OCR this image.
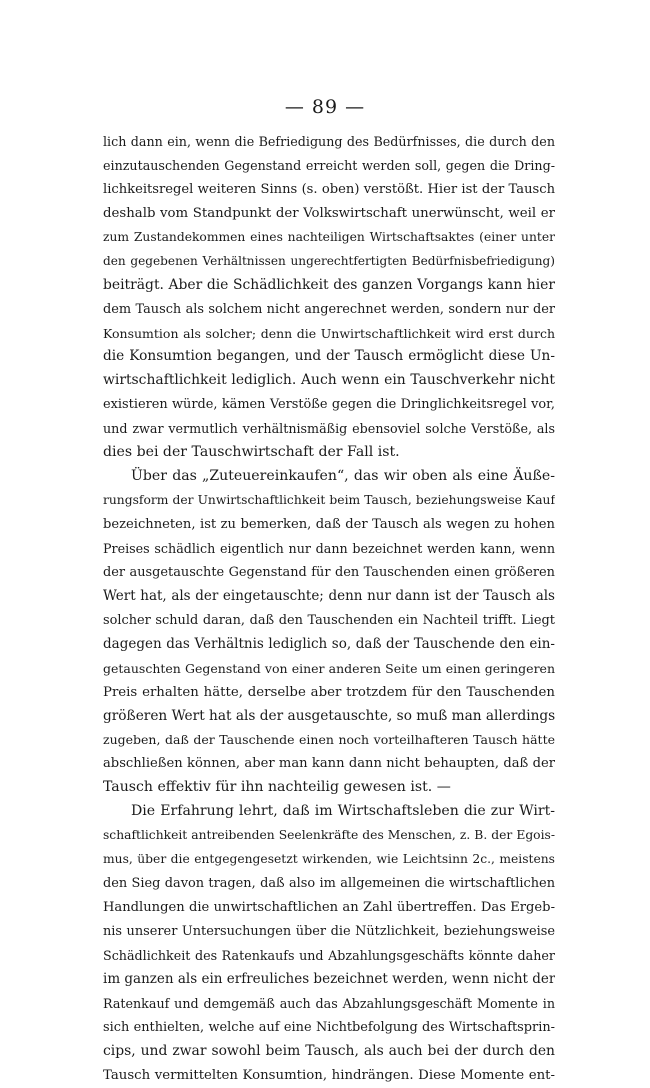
— 89 —
lich dann ein, wenn die Befriedigung des Bedürfnisses, die durch den
einzutauschenden Gegenstand erreicht werden soll, gegen die Dring-
lichkeitsregel weiteren Sinns (s. oben) verstößt. Hier ist der Tausch
deshalb vom Standpunkt der Volkswirtschaft unerwünscht, weil er
zum Zustandekommen eines nachteiligen Wirtschaftsaktes (einer unter
den gegebenen Verhältnissen ungerechtfertigten Bedürfnisbefriedigung)
beiträgt. Aber die Schädlichkeit des ganzen Vorgangs kann hier
dem Tausch als solchem nicht angerechnet werden, sondern nur der
Konsumtion als solcher; denn die Unwirtschaftlichkeit wird erst durch
die Konsumtion begangen, und der Tausch ermöglicht diese Un-
wirtschaftlichkeit lediglich. Auch wenn ein Tauschverkehr nicht
existieren würde, kämen Verstöße gegen die Dringlichkeitsregel vor,
und zwar vermutlich verhältnismäßig ebensoviel solche Verstöße, als
dies bei der Tauschwirtschaft der Fall ist.
Über das „Zuteuereinkaufen“, das wir oben als eine Äuße-
rungsform der Unwirtschaftlichkeit beim Tausch, beziehungsweise Kauf
bezeichneten, ist zu bemerken, daß der Tausch als wegen zu hohen
Preises schädlich eigentlich nur dann bezeichnet werden kann, wenn
der ausgetauschte Gegenstand für den Tauschenden einen größeren
Wert hat, als der eingetauschte; denn nur dann ist der Tausch als
solcher schuld daran, daß den Tauschenden ein Nachteil trifft. Liegt
dagegen das Verhältnis lediglich so, daß der Tauschende den ein-
getauschten Gegenstand von einer anderen Seite um einen geringeren
Preis erhalten hätte, derselbe aber trotzdem für den Tauschenden
größeren Wert hat als der ausgetauschte, so muß man allerdings
zugeben, daß der Tauschende einen noch vorteilhafteren Tausch hätte
abschließen können, aber man kann dann nicht behaupten, daß der
Tausch effektiv für ihn nachteilig gewesen ist. —
Die Erfahrung lehrt, daß im Wirtschaftsleben die zur Wirt-
schaftlichkeit antreibenden Seelenkräfte des Menschen, z. B. der Egois-
mus, über die entgegengesetzt wirkenden, wie Leichtsinn 2c., meistens
den Sieg davon tragen, daß also im allgemeinen die wirtschaftlichen
Handlungen die unwirtschaftlichen an Zahl übertreffen. Das Ergeb-
nis unserer Untersuchungen über die Nützlichkeit, beziehungsweise
Schädlichkeit des Ratenkaufs und Abzahlungsgeschäfts könnte daher
im ganzen als ein erfreuliches bezeichnet werden, wenn nicht der
Ratenkauf und demgemäß auch das Abzahlungsgeschäft Momente in
sich enthielten, welche auf eine Nichtbefolgung des Wirtschaftsprin-
cips, und zwar sowohl beim Tausch, als auch bei der durch den
Tausch vermittelten Konsumtion, hindrängen. Diese Momente ent-
